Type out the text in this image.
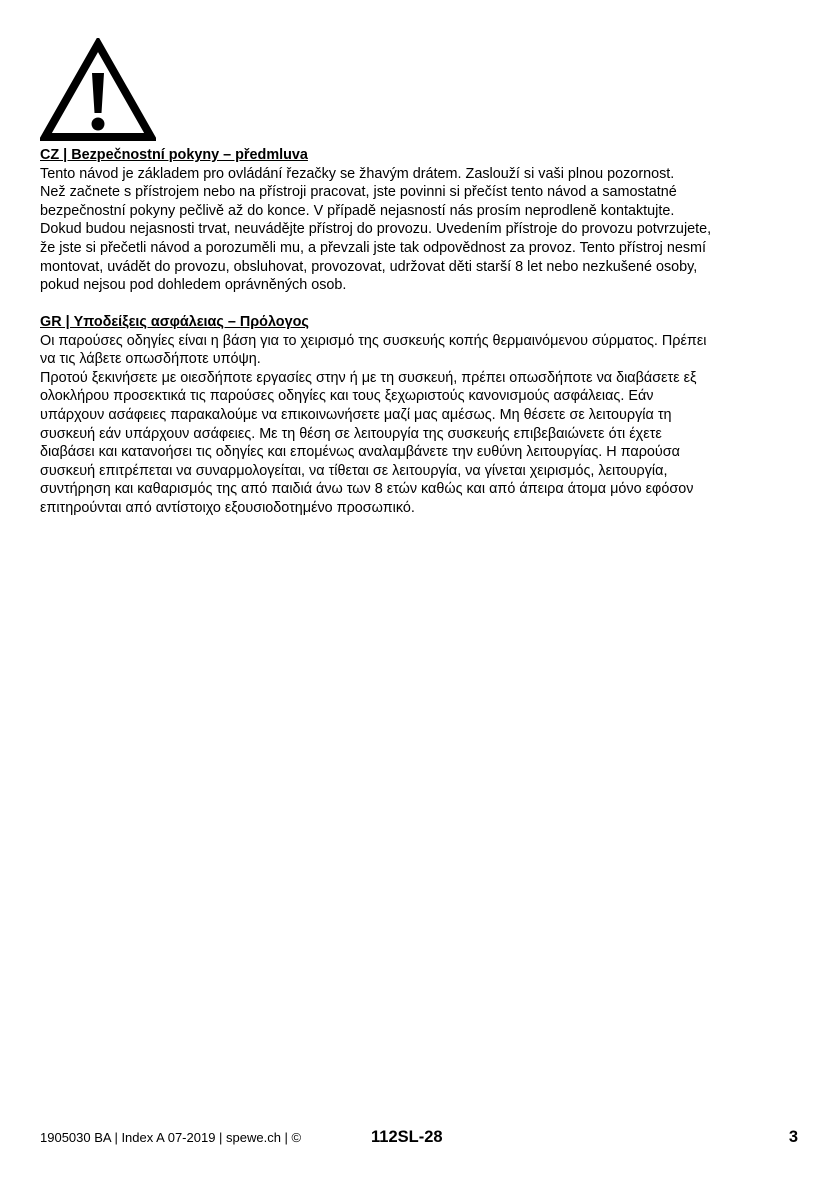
CZ | Bezpečnostní pokyny – předmluva

Tento návod je základem pro ovládání řezačky se žhavým drátem. Zaslouží si vaši plnou pozornost.

Než začnete s přístrojem nebo na přístroji pracovat, jste povinni si přečíst tento návod a samostatné

bezpečnostní pokyny pečlivě až do konce. V případě nejasností nás prosím neprodleně kontaktujte.

Dokud budou nejasnosti trvat, neuvádějte přístroj do provozu. Uvedením přístroje do provozu potvrzujete,

že jste si přečetli návod a porozuměli mu, a převzali jste tak odpovědnost za provoz. Tento přístroj nesmí

montovat, uvádět do provozu, obsluhovat, provozovat, udržovat děti starší 8 let nebo nezkušené osoby,

pokud nejsou pod dohledem oprávněných osob.

GR | Υποδείξεις ασφάλειας – Πρόλογος

Οι παρούσες οδηγίες είναι η βάση για το χειρισμό της συσκευής κοπής θερμαινόμενου σύρματος. Πρέπει

να τις λάβετε οπωσδήποτε υπόψη.

Προτού ξεκινήσετε με οιεσδήποτε εργασίες στην ή με τη συσκευή, πρέπει οπωσδήποτε να διαβάσετε εξ

ολοκλήρου προσεκτικά τις παρούσες οδηγίες και τους ξεχωριστούς κανονισμούς ασφάλειας. Εάν

υπάρχουν ασάφειες παρακαλούμε να επικοινωνήσετε μαζί μας αμέσως. Μη θέσετε σε λειτουργία τη

συσκευή εάν υπάρχουν ασάφειες. Με τη θέση σε λειτουργία της συσκευής επιβεβαιώνετε ότι έχετε

διαβάσει και κατανοήσει τις οδηγίες και επομένως αναλαμβάνετε την ευθύνη λειτουργίας. Η παρούσα

συσκευή επιτρέπεται να συναρμολογείται, να τίθεται σε λειτουργία, να γίνεται χειρισμός, λειτουργία,

συντήρηση και καθαρισμός της από παιδιά άνω των 8 ετών καθώς και από άπειρα άτομα μόνο εφόσον

επιτηρούνται από αντίστοιχο εξουσιοδοτημένο προσωπικό.

1905030 BA | Index A 07-2019 | spewe.ch | ©	112SL-28	3
